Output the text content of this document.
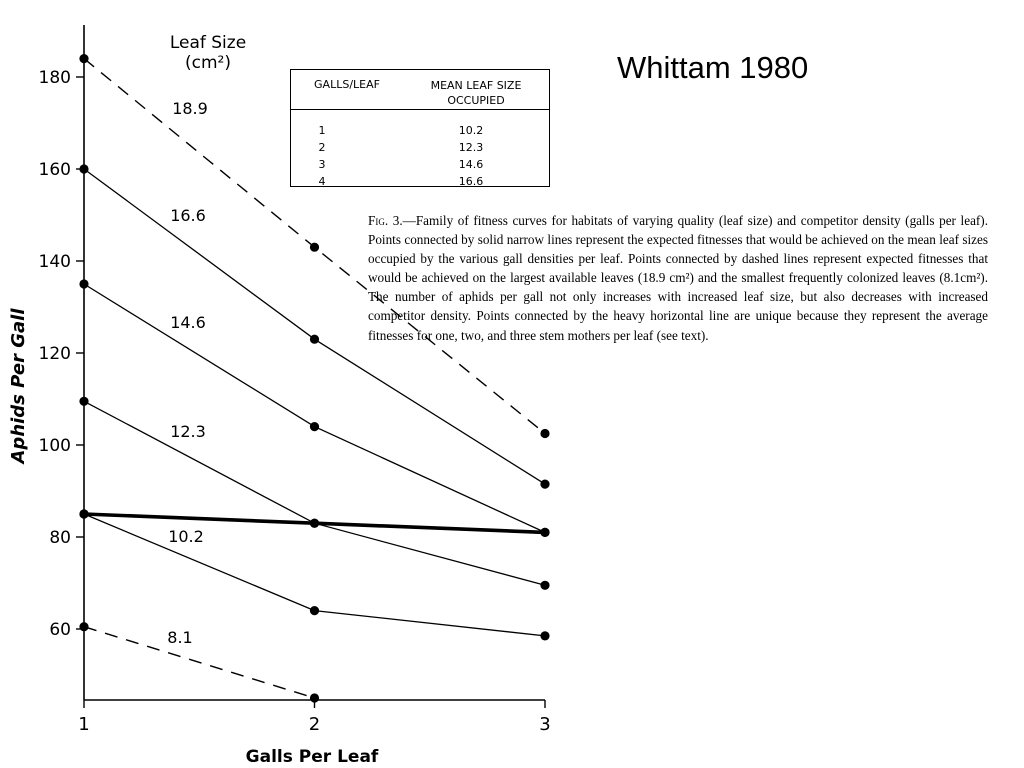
60
80
100
120
140
160
180
1	2	3
18.9
16.6
14.6
12.3
10.2
8.1
Leaf Size
(cm²)
Galls Per Leaf
Aphids Per Gall
Whittam 1980
GALLS/LEAF	MEAN LEAF SIZE
OCCUPIED
1	10.2
2	12.3
3	14.6
4	16.6
Fig. 3.—Family of fitness curves for habitats of varying quality (leaf size) and competitor density (galls per leaf). Points connected by solid narrow lines represent the expected fitnesses that would be achieved on the mean leaf sizes occupied by the various gall densities per leaf. Points connected by dashed lines represent expected fitnesses that would be achieved on the largest available leaves (18.9 cm²) and the smallest frequently colonized leaves (8.1cm²). The number of aphids per gall not only increases with increased leaf size, but also decreases with increased competitor density. Points connected by the heavy horizontal line are unique because they represent the average fitnesses for one, two, and three stem mothers per leaf (see text).
